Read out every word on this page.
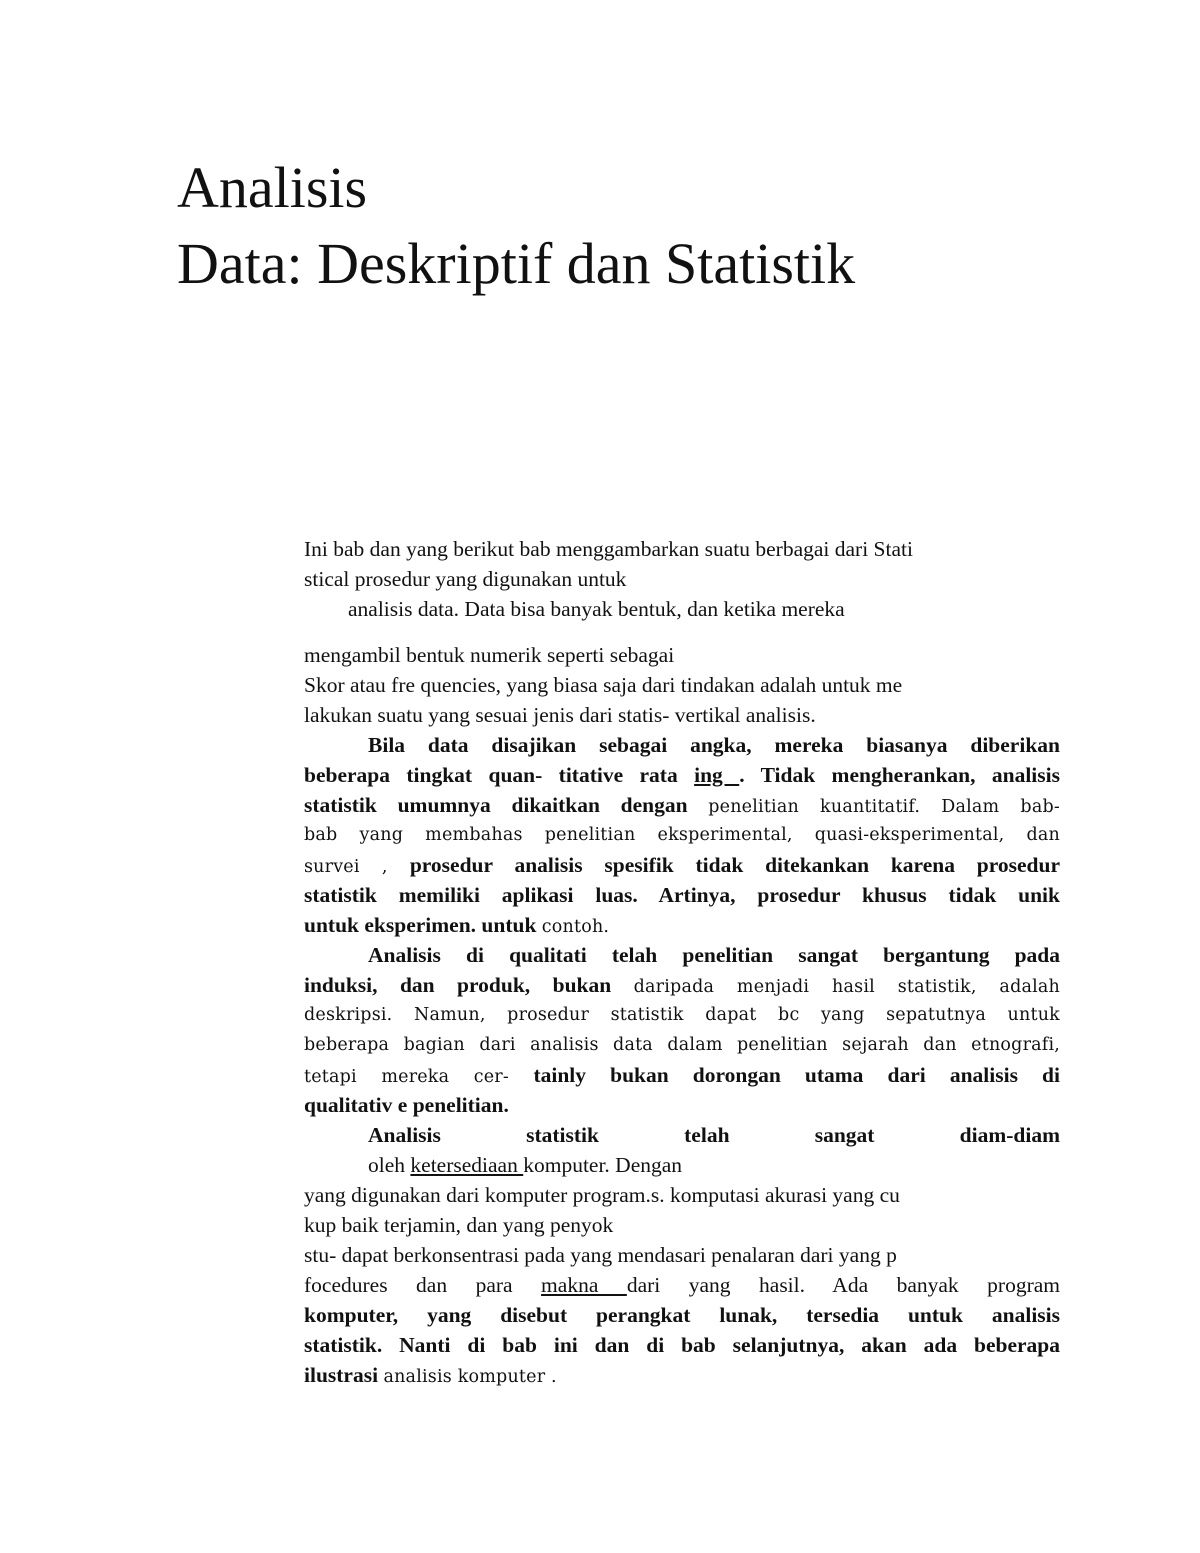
Analisis
Data: Deskriptif dan Statistik
Ini bab dan yang berikut bab menggambarkan suatu berbagai dari Stati
stical prosedur yang digunakan untuk
analisis data. Data bisa banyak bentuk, dan ketika mereka
mengambil bentuk numerik seperti sebagai
Skor atau fre quencies, yang biasa saja dari tindakan adalah untuk me
lakukan suatu yang sesuai jenis dari statis- vertikal analisis.
Bila data disajikan sebagai angka, mereka biasanya diberikan
beberapa tingkat quan- titative rata ing . Tidak mengherankan, analisis
statistik umumnya dikaitkan dengan penelitian kuantitatif. Dalam bab-
bab yang membahas penelitian eksperimental, quasi-eksperimental, dan
survei , prosedur analisis spesifik tidak ditekankan karena prosedur
statistik memiliki aplikasi luas. Artinya, prosedur khusus tidak unik
untuk eksperimen. untuk contoh.
Analisis di qualitati telah penelitian sangat bergantung pada
induksi, dan produk, bukan daripada menjadi hasil statistik, adalah
deskripsi. Namun, prosedur statistik dapat bc yang sepatutnya untuk
beberapa bagian dari analisis data dalam penelitian sejarah dan etnografi,
tetapi mereka cer- tainly bukan dorongan utama dari analisis di
qualitativ e penelitian.
Analisis statistik telah sangat diam-diam
oleh ketersediaan komputer. Dengan
yang digunakan dari komputer program.s. komputasi akurasi yang cu
kup baik terjamin, dan yang penyok
stu- dapat berkonsentrasi pada yang mendasari penalaran dari yang p
focedures dan para makna dari yang hasil. Ada banyak program
komputer, yang disebut perangkat lunak, tersedia untuk analisis
statistik. Nanti di bab ini dan di bab selanjutnya, akan ada beberapa
ilustrasi analisis komputer .
